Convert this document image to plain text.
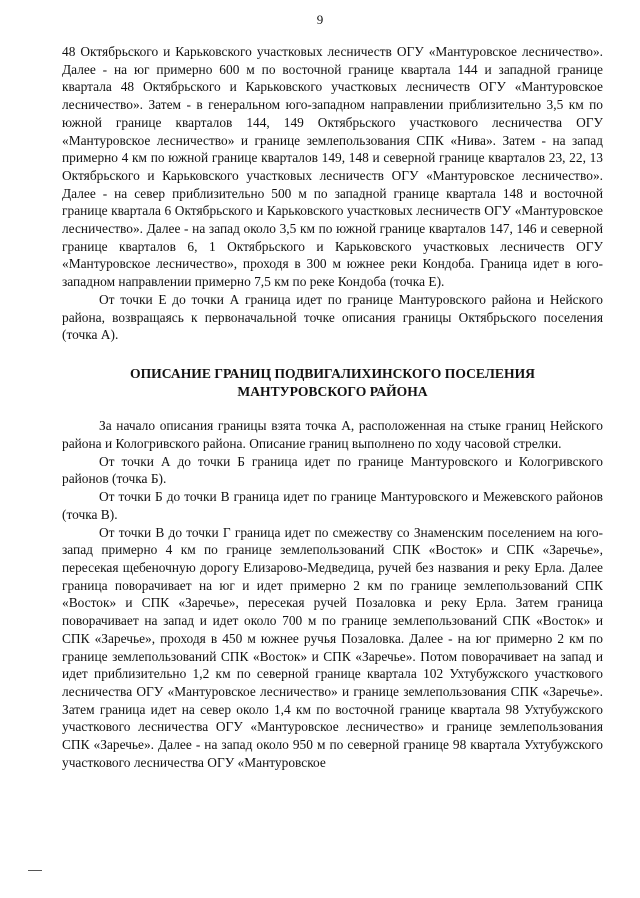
9

48 Октябрьского и Карьковского участковых лесничеств ОГУ «Мантуровское лесничество». Далее - на юг примерно 600 м по восточной границе квартала 144 и западной границе квартала 48 Октябрьского и Карьковского участковых лесничеств ОГУ «Мантуровское лесничество». Затем - в генеральном юго-западном направлении приблизительно 3,5 км по южной границе кварталов 144, 149 Октябрьского участкового лесничества ОГУ «Мантуровское лесничество» и границе землепользования СПК «Нива». Затем - на запад примерно 4 км по южной границе кварталов 149, 148 и северной границе кварталов 23, 22, 13 Октябрьского и Карьковского участковых лесничеств ОГУ «Мантуровское лесничество». Далее - на север приблизительно 500 м по западной границе квартала 148 и восточной границе квартала 6 Октябрьского и Карьковского участковых лесничеств ОГУ «Мантуровское лесничество». Далее - на запад около 3,5 км по южной границе кварталов 147, 146 и северной границе кварталов 6, 1 Октябрьского и Карьковского участковых лесничеств ОГУ «Мантуровское лесничество», проходя в 300 м южнее реки Кондоба. Граница идет в юго-западном направлении примерно 7,5 км по реке Кондоба (точка Е).

От точки Е до точки А граница идет по границе Мантуровского района и Нейского района, возвращаясь к первоначальной точке описания границы Октябрьского поселения (точка А).

ОПИСАНИЕ ГРАНИЦ ПОДВИГАЛИХИНСКОГО ПОСЕЛЕНИЯ
МАНТУРОВСКОГО РАЙОНА

За начало описания границы взята точка А, расположенная на стыке границ Нейского района и Кологривского района. Описание границ выполнено по ходу часовой стрелки.

От точки А до точки Б граница идет по границе Мантуровского и Кологривского районов (точка Б).

От точки Б до точки В граница идет по границе Мантуровского и Межевского районов (точка В).

От точки В до точки Г граница идет по смежеству со Знаменским поселением на юго-запад примерно 4 км по границе землепользований СПК «Восток» и СПК «Заречье», пересекая щебеночную дорогу Елизарово-Медведица, ручей без названия и реку Ерла. Далее граница поворачивает на юг и идет примерно 2 км по границе землепользований СПК «Восток» и СПК «Заречье», пересекая ручей Позаловка и реку Ерла. Затем граница поворачивает на запад и идет около 700 м по границе землепользований СПК «Восток» и СПК «Заречье», проходя в 450 м южнее ручья Позаловка. Далее - на юг примерно 2 км по границе землепользований СПК «Восток» и СПК «Заречье». Потом поворачивает на запад и идет приблизительно 1,2 км по северной границе квартала 102 Ухтубужского участкового лесничества ОГУ «Мантуровское лесничество» и границе землепользования СПК «Заречье». Затем граница идет на север около 1,4 км по восточной границе квартала 98 Ухтубужского участкового лесничества ОГУ «Мантуровское лесничество» и границе землепользования СПК «Заречье». Далее - на запад около 950 м по северной границе 98 квартала Ухтубужского участкового лесничества ОГУ «Мантуровское
